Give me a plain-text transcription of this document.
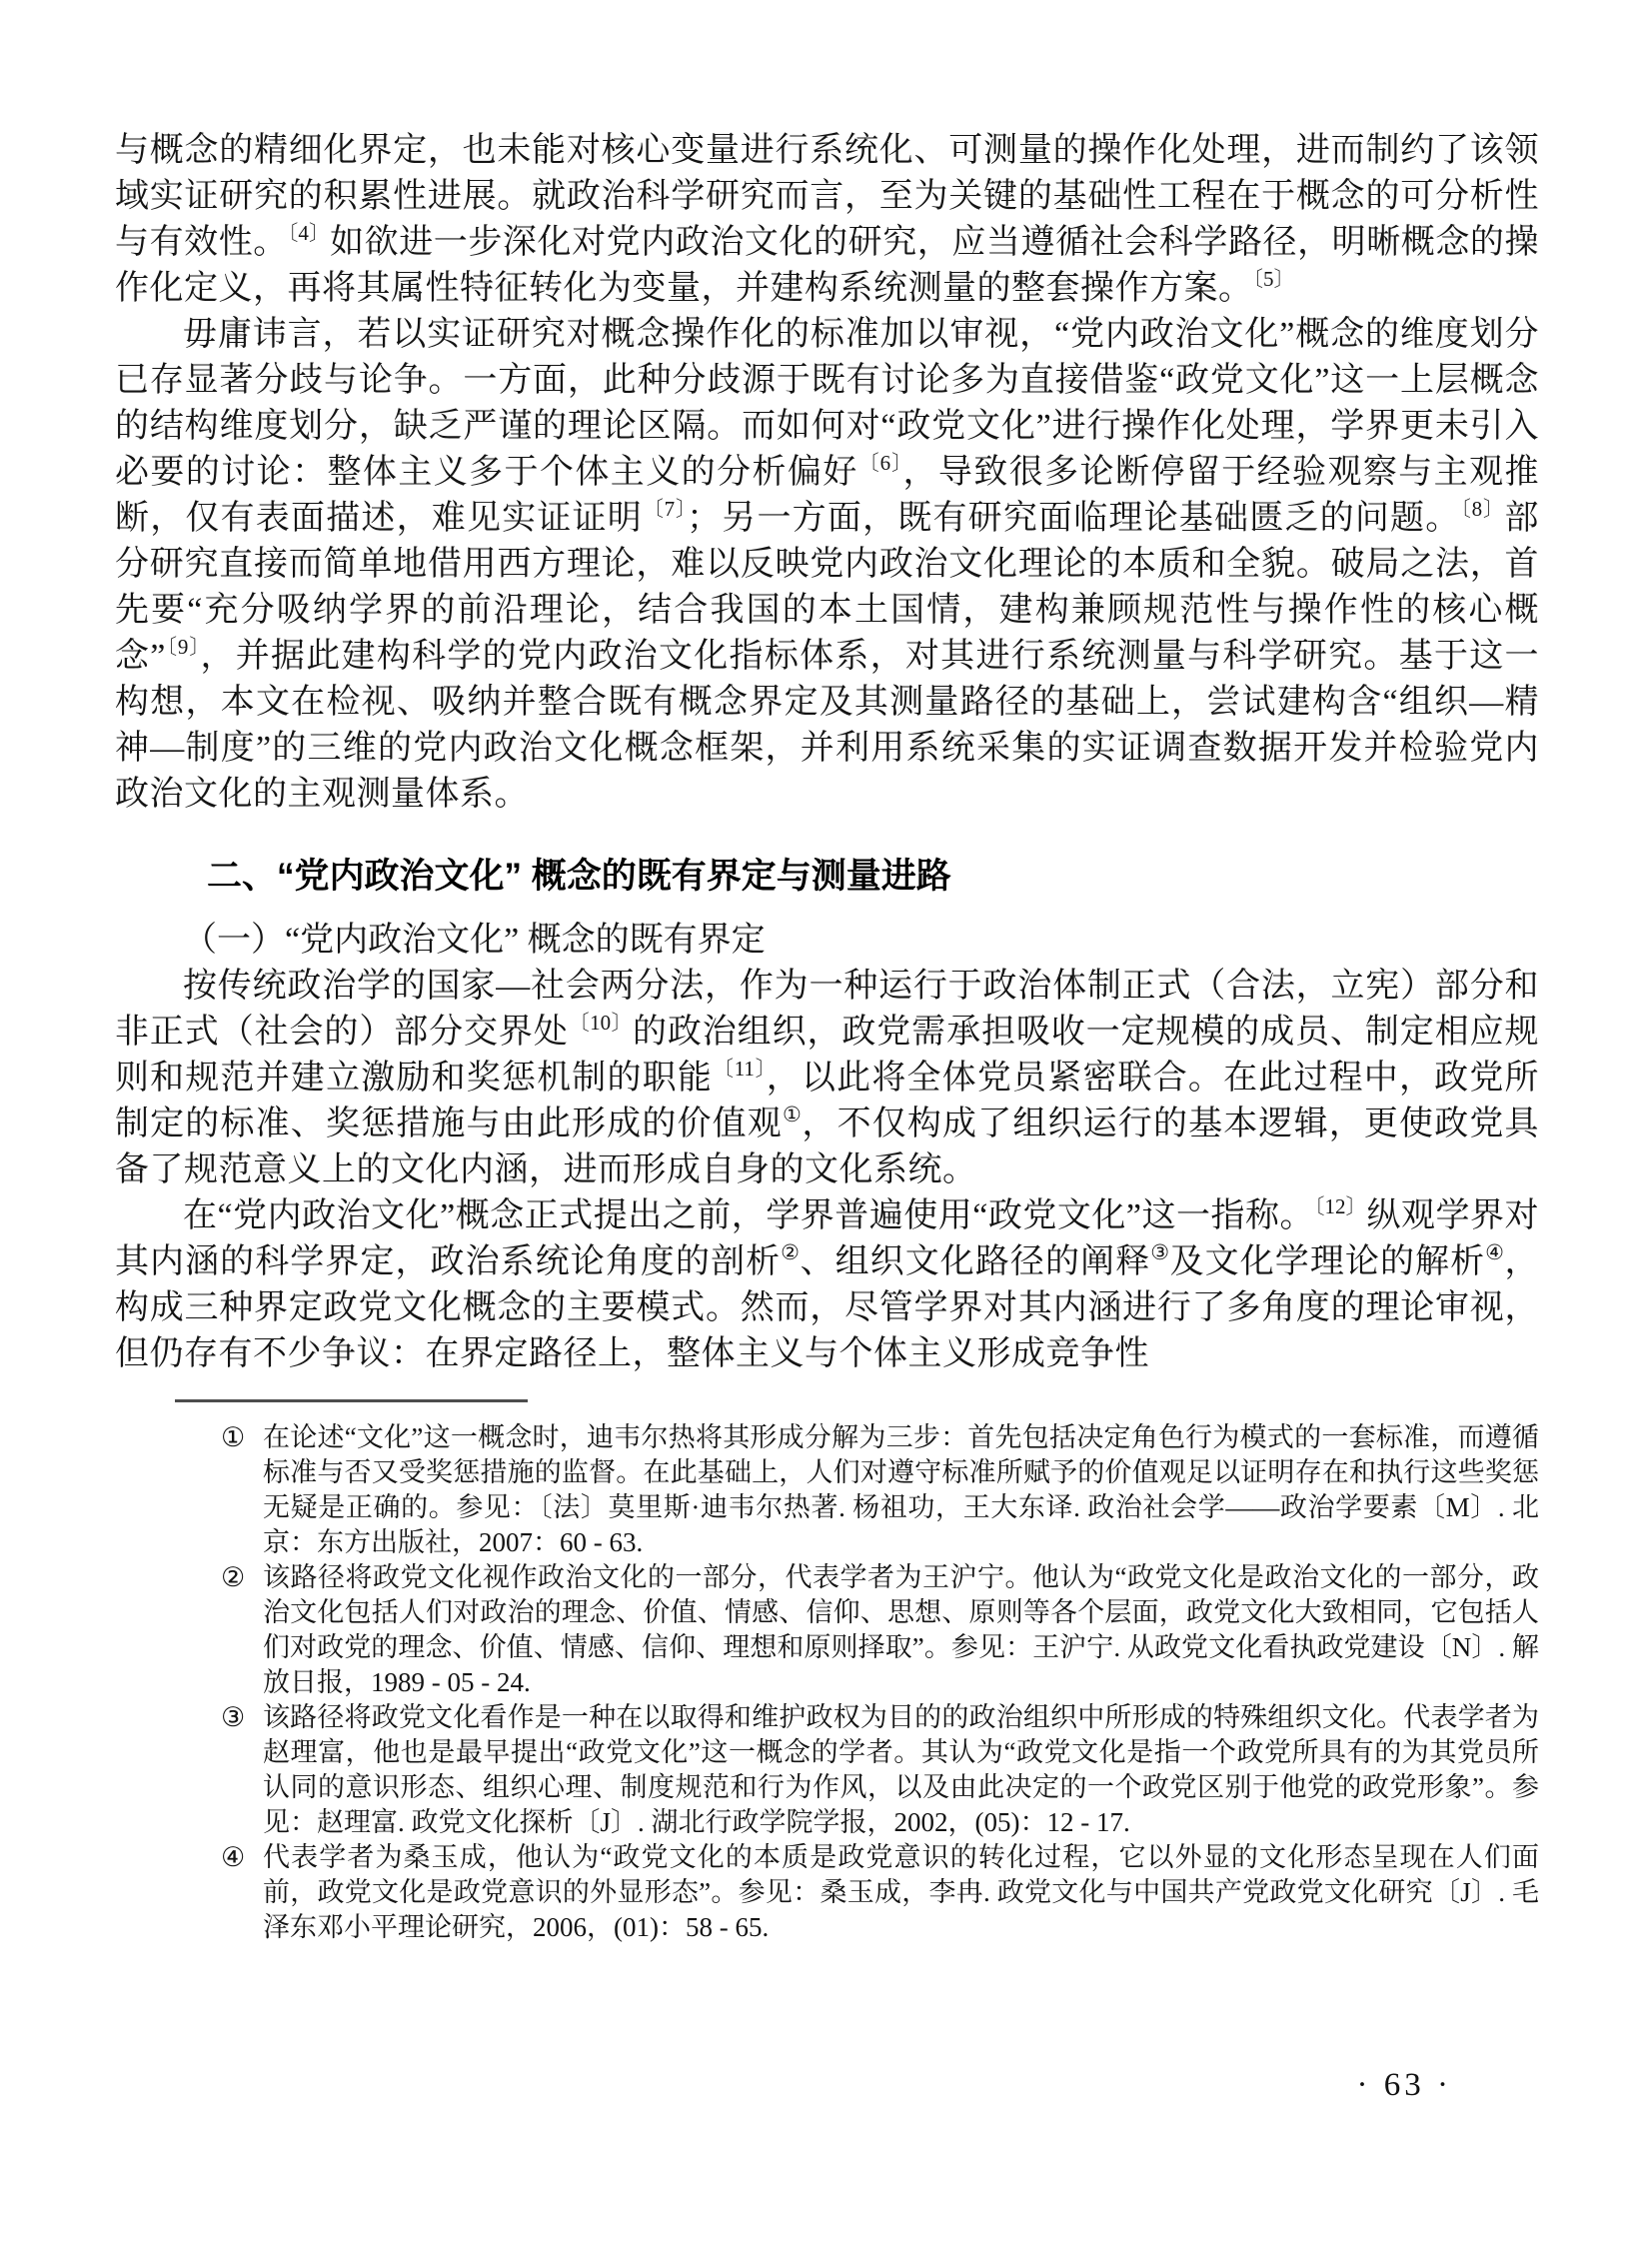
与概念的精细化界定，也未能对核心变量进行系统化、可测量的操作化处理，进而制约了该领域实证研究的积累性进展。就政治科学研究而言，至为关键的基础性工程在于概念的可分析性与有效性。$^{〔4〕}$如欲进一步深化对党内政治文化的研究，应当遵循社会科学路径，明晰概念的操作化定义，再将其属性特征转化为变量，并建构系统测量的整套操作方案。$^{〔5〕}$

毋庸讳言，若以实证研究对概念操作化的标准加以审视，“党内政治文化”概念的维度划分已存显著分歧与论争。一方面，此种分歧源于既有讨论多为直接借鉴“政党文化”这一上层概念的结构维度划分，缺乏严谨的理论区隔。而如何对“政党文化”进行操作化处理，学界更未引入必要的讨论：整体主义多于个体主义的分析偏好$^{〔6〕}$，导致很多论断停留于经验观察与主观推断，仅有表面描述，难见实证证明$^{〔7〕}$；另一方面，既有研究面临理论基础匮乏的问题。$^{〔8〕}$部分研究直接而简单地借用西方理论，难以反映党内政治文化理论的本质和全貌。破局之法，首先要“充分吸纳学界的前沿理论，结合我国的本土国情，建构兼顾规范性与操作性的核心概念”$^{〔9〕}$，并据此建构科学的党内政治文化指标体系，对其进行系统测量与科学研究。基于这一构想，本文在检视、吸纳并整合既有概念界定及其测量路径的基础上，尝试建构含“组织—精神—制度”的三维的党内政治文化概念框架，并利用系统采集的实证调查数据开发并检验党内政治文化的主观测量体系。

二、“党内政治文化” 概念的既有界定与测量进路
（一）“党内政治文化” 概念的既有界定

按传统政治学的国家—社会两分法，作为一种运行于政治体制正式（合法，立宪）部分和非正式（社会的）部分交界处$^{〔10〕}$的政治组织，政党需承担吸收一定规模的成员、制定相应规则和规范并建立激励和奖惩机制的职能$^{〔11〕}$，以此将全体党员紧密联合。在此过程中，政党所制定的标准、奖惩措施与由此形成的价值观①，不仅构成了组织运行的基本逻辑，更使政党具备了规范意义上的文化内涵，进而形成自身的文化系统。

在“党内政治文化”概念正式提出之前，学界普遍使用“政党文化”这一指称。$^{〔12〕}$纵观学界对其内涵的科学界定，政治系统论角度的剖析②、组织文化路径的阐释③及文化学理论的解析④，构成三种界定政党文化概念的主要模式。然而，尽管学界对其内涵进行了多角度的理论审视，但仍存有不少争议：在界定路径上，整体主义与个体主义形成竞争性

① 在论述“文化”这一概念时，迪韦尔热将其形成分解为三步：首先包括决定角色行为模式的一套标准，而遵循标准与否又受奖惩措施的监督。在此基础上，人们对遵守标准所赋予的价值观足以证明存在和执行这些奖惩无疑是正确的。参见：〔法〕莫里斯·迪韦尔热著. 杨祖功，王大东译. 政治社会学——政治学要素〔M〕. 北京：东方出版社，2007：60 - 63.
② 该路径将政党文化视作政治文化的一部分，代表学者为王沪宁。他认为“政党文化是政治文化的一部分，政治文化包括人们对政治的理念、价值、情感、信仰、思想、原则等各个层面，政党文化大致相同，它包括人们对政党的理念、价值、情感、信仰、理想和原则择取”。参见：王沪宁. 从政党文化看执政党建设〔N〕. 解放日报，1989 - 05 - 24.
③ 该路径将政党文化看作是一种在以取得和维护政权为目的的政治组织中所形成的特殊组织文化。代表学者为赵理富，他也是最早提出“政党文化”这一概念的学者。其认为“政党文化是指一个政党所具有的为其党员所认同的意识形态、组织心理、制度规范和行为作风，以及由此决定的一个政党区别于他党的政党形象”。参见：赵理富. 政党文化探析〔J〕. 湖北行政学院学报，2002，(05)：12 - 17.
④ 代表学者为桑玉成，他认为“政党文化的本质是政党意识的转化过程，它以外显的文化形态呈现在人们面前，政党文化是政党意识的外显形态”。参见：桑玉成，李冉. 政党文化与中国共产党政党文化研究〔J〕. 毛泽东邓小平理论研究，2006，(01)：58 - 65.
· 63 ·
